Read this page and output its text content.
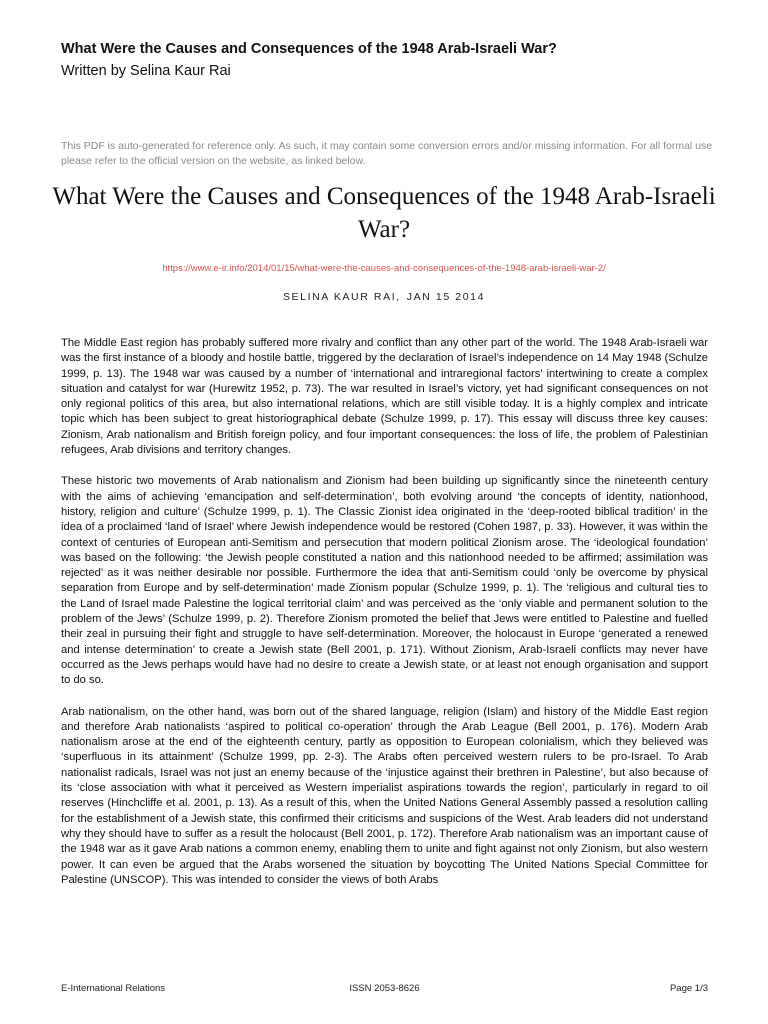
What Were the Causes and Consequences of the 1948 Arab-Israeli War?

Written by Selina Kaur Rai

This PDF is auto-generated for reference only. As such, it may contain some conversion errors and/or missing information. For all formal use please refer to the official version on the website, as linked below.
What Were the Causes and Consequences of the 1948 Arab-Israeli War?
https://www.e-ir.info/2014/01/15/what-were-the-causes-and-consequences-of-the-1948-arab-israeli-war-2/
SELINA KAUR RAI, JAN 15 2014

The Middle East region has probably suffered more rivalry and conflict than any other part of the world. The 1948 Arab-Israeli war was the first instance of a bloody and hostile battle, triggered by the declaration of Israel’s independence on 14 May 1948 (Schulze 1999, p. 13). The 1948 war was caused by a number of ‘international and intraregional factors’ intertwining to create a complex situation and catalyst for war (Hurewitz 1952, p. 73). The war resulted in Israel’s victory, yet had significant consequences on not only regional politics of this area, but also international relations, which are still visible today. It is a highly complex and intricate topic which has been subject to great historiographical debate (Schulze 1999, p. 17). This essay will discuss three key causes: Zionism, Arab nationalism and British foreign policy, and four important consequences: the loss of life, the problem of Palestinian refugees, Arab divisions and territory changes.

These historic two movements of Arab nationalism and Zionism had been building up significantly since the nineteenth century with the aims of achieving ‘emancipation and self-determination’, both evolving around ‘the concepts of identity, nationhood, history, religion and culture’ (Schulze 1999, p. 1). The Classic Zionist idea originated in the ‘deep-rooted biblical tradition’ in the idea of a proclaimed ‘land of Israel’ where Jewish independence would be restored (Cohen 1987, p. 33). However, it was within the context of centuries of European anti-Semitism and persecution that modern political Zionism arose. The ‘ideological foundation’ was based on the following: ‘the Jewish people constituted a nation and this nationhood needed to be affirmed; assimilation was rejected’ as it was neither desirable nor possible. Furthermore the idea that anti-Semitism could ‘only be overcome by physical separation from Europe and by self-determination’ made Zionism popular (Schulze 1999, p. 1). The ‘religious and cultural ties to the Land of Israel made Palestine the logical territorial claim’ and was perceived as the ‘only viable and permanent solution to the problem of the Jews’ (Schulze 1999, p. 2). Therefore Zionism promoted the belief that Jews were entitled to Palestine and fuelled their zeal in pursuing their fight and struggle to have self-determination. Moreover, the holocaust in Europe ‘generated a renewed and intense determination’ to create a Jewish state (Bell 2001, p. 171). Without Zionism, Arab-Israeli conflicts may never have occurred as the Jews perhaps would have had no desire to create a Jewish state, or at least not enough organisation and support to do so.

Arab nationalism, on the other hand, was born out of the shared language, religion (Islam) and history of the Middle East region and therefore Arab nationalists ‘aspired to political co-operation’ through the Arab League (Bell 2001, p. 176). Modern Arab nationalism arose at the end of the eighteenth century, partly as opposition to European colonialism, which they believed was ‘superfluous in its attainment’ (Schulze 1999, pp. 2-3). The Arabs often perceived western rulers to be pro-Israel. To Arab nationalist radicals, Israel was not just an enemy because of the ‘injustice against their brethren in Palestine’, but also because of its ‘close association with what it perceived as Western imperialist aspirations towards the region’, particularly in regard to oil reserves (Hinchcliffe et al. 2001, p. 13). As a result of this, when the United Nations General Assembly passed a resolution calling for the establishment of a Jewish state, this confirmed their criticisms and suspicions of the West. Arab leaders did not understand why they should have to suffer as a result the holocaust (Bell 2001, p. 172). Therefore Arab nationalism was an important cause of the 1948 war as it gave Arab nations a common enemy, enabling them to unite and fight against not only Zionism, but also western power. It can even be argued that the Arabs worsened the situation by boycotting The United Nations Special Committee for Palestine (UNSCOP). This was intended to consider the views of both Arabs

E-International Relations	ISSN 2053-8626	Page 1/3
